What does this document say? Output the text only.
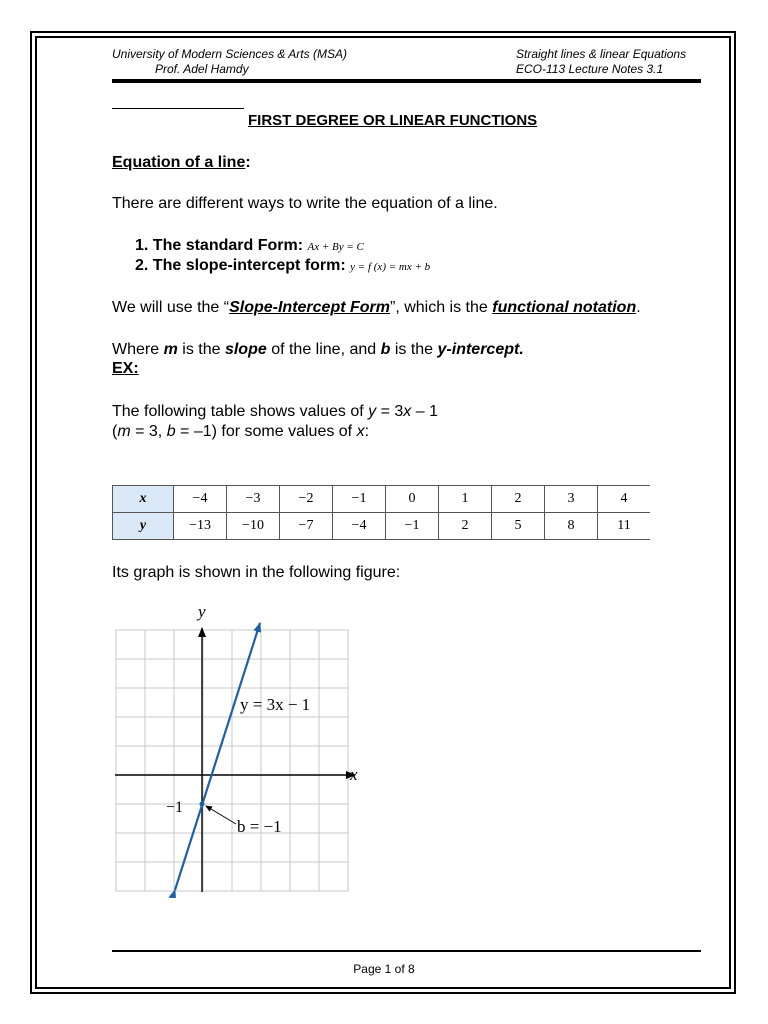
University of Modern Sciences & Arts (MSA)
Prof. Adel Hamdy
Straight lines & linear Equations
ECO-113 Lecture Notes 3.1
FIRST DEGREE OR LINEAR FUNCTIONS
Equation of a line:
There are different ways to write the equation of a line.
1. The standard Form: Ax + By = C
2. The slope-intercept form: y = f (x) = mx + b
We will use the “Slope-Intercept Form”, which is the functional notation.
Where m is the slope of the line, and b is the y-intercept.
EX:
The following table shows values of y = 3x – 1
(m = 3, b = –1) for some values of x:
x	−4	−3	−2	−1	0	1	2	3	4
y	−13	−10	−7	−4	−1	2	5	8	11
Its graph is shown in the following figure:
y
x
y = 3x − 1
−1
b = −1
Page 1 of 8
